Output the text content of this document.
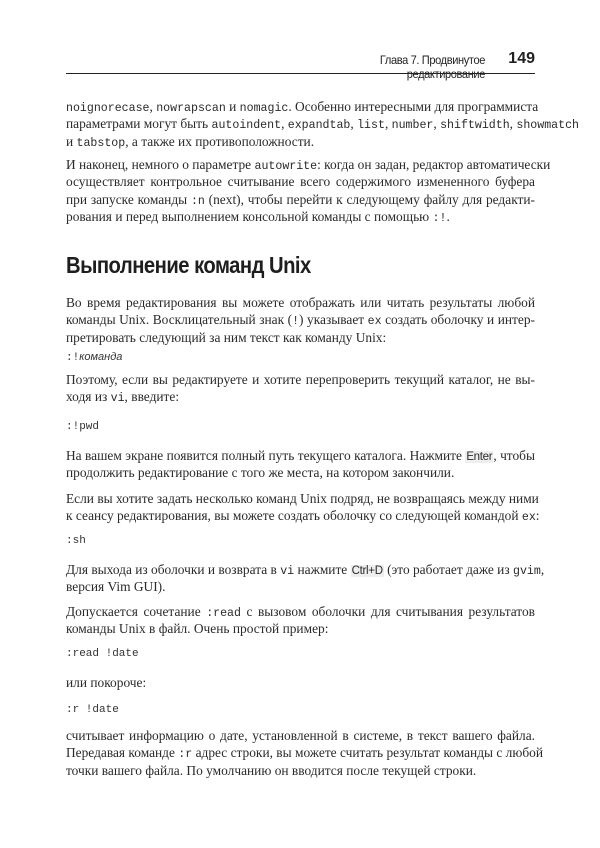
Глава 7. Продвинутое	149
noignorecase, nowrapscan и nomagic. Особенно интересными для программиста
параметрами могут быть autoindent, expandtab, list, number, shiftwidth, showmatch
и tabstop, а также их противоположности.
И наконец, немного о параметре autowrite: когда он задан, редактор автоматически
осуществляет контрольное считывание всего содержимого измененного буфера
при запуске команды :n (next), чтобы перейти к следующему файлу для редакти-
рования и перед выполнением консольной команды с помощью :!.
Выполнение команд Unix
Во время редактирования вы можете отображать или читать результаты любой
команды Unix. Восклицательный знак (!) указывает ex создать оболочку и интер-
претировать следующий за ним текст как команду Unix:
:!команда
Поэтому, если вы редактируете и хотите перепроверить текущий каталог, не вы-
ходя из vi, введите:
:!pwd
На вашем экране появится полный путь текущего каталога. Нажмите Enter, чтобы
продолжить редактирование с того же места, на котором закончили.
Если вы хотите задать несколько команд Unix подряд, не возвращаясь между ними
к сеансу редактирования, вы можете создать оболочку со следующей командой ex:
:sh
Для выхода из оболочки и возврата в vi нажмите Ctrl+D (это работает даже из gvim,
версия Vim GUI).
Допускается сочетание :read с вызовом оболочки для считывания результатов
команды Unix в файл. Очень простой пример:
:read !date
или покороче:
:r !date
считывает информацию о дате, установленной в системе, в текст вашего файла.
Передавая команде :r адрес строки, вы можете считать результат команды с любой
точки вашего файла. По умолчанию он вводится после текущей строки.
